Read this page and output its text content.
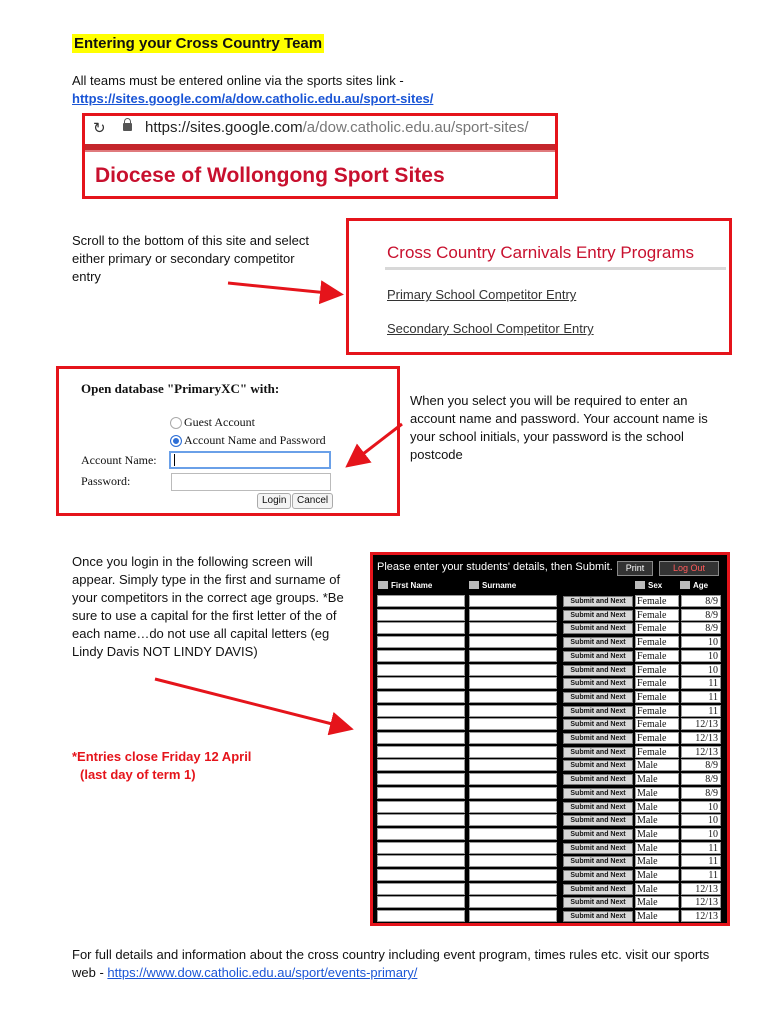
Entering your Cross Country Team
All teams must be entered online via the sports sites link -
https://sites.google.com/a/dow.catholic.edu.au/sport-sites/
↻	https://sites.google.com/a/dow.catholic.edu.au/sport-sites/
Diocese of Wollongong Sport Sites
Scroll to the bottom of this site and select either primary or secondary competitor entry
Cross Country Carnivals Entry Programs
Primary School Competitor Entry
Secondary School Competitor Entry
Open database "PrimaryXC" with:
Guest Account
Account Name and Password
Account Name:
Password:
Login	Cancel
When you select you will be required to enter an account name and password. Your account name is your school initials, your password is the school postcode
Once you login in the following screen will appear. Simply type in the first and surname of your competitors in the correct age groups. *Be sure to use a capital for the first letter of the of each name…do not use all capital letters (eg Lindy Davis NOT LINDY DAVIS)
*Entries close Friday 12 April
(last day of term 1)
Please enter your students' details, then Submit.	Print	Log Out
First Name	Surname	Sex	Age
Submit and Next	Female	8/9
Submit and Next	Female	8/9
Submit and Next	Female	8/9
Submit and Next	Female	10
Submit and Next	Female	10
Submit and Next	Female	10
Submit and Next	Female	11
Submit and Next	Female	11
Submit and Next	Female	11
Submit and Next	Female	12/13
Submit and Next	Female	12/13
Submit and Next	Female	12/13
Submit and Next	Male	8/9
Submit and Next	Male	8/9
Submit and Next	Male	8/9
Submit and Next	Male	10
Submit and Next	Male	10
Submit and Next	Male	10
Submit and Next	Male	11
Submit and Next	Male	11
Submit and Next	Male	11
Submit and Next	Male	12/13
Submit and Next	Male	12/13
Submit and Next	Male	12/13
For full details and information about the cross country including event program, times rules etc. visit our sports web - https://www.dow.catholic.edu.au/sport/events-primary/
